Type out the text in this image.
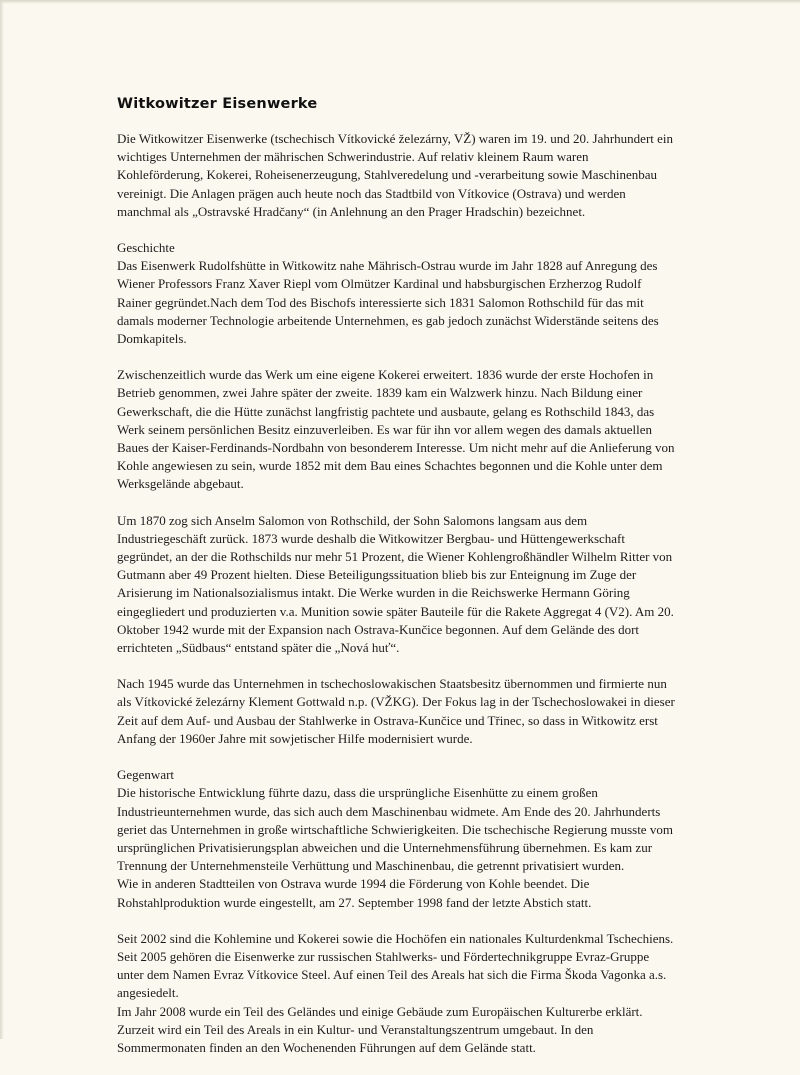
Witkowitzer Eisenwerke
Die Witkowitzer Eisenwerke (tschechisch Vítkovické železárny, VŽ) waren im 19. und 20. Jahrhundert ein
wichtiges Unternehmen der mährischen Schwerindustrie. Auf relativ kleinem Raum waren
Kohleförderung, Kokerei, Roheisenerzeugung, Stahlveredelung und -verarbeitung sowie Maschinenbau
vereinigt. Die Anlagen prägen auch heute noch das Stadtbild von Vítkovice (Ostrava) und werden
manchmal als „Ostravské Hradčany“ (in Anlehnung an den Prager Hradschin) bezeichnet.
Geschichte
Das Eisenwerk Rudolfshütte in Witkowitz nahe Mährisch-Ostrau wurde im Jahr 1828 auf Anregung des
Wiener Professors Franz Xaver Riepl vom Olmützer Kardinal und habsburgischen Erzherzog Rudolf
Rainer gegründet.Nach dem Tod des Bischofs interessierte sich 1831 Salomon Rothschild für das mit
damals moderner Technologie arbeitende Unternehmen, es gab jedoch zunächst Widerstände seitens des
Domkapitels.
Zwischenzeitlich wurde das Werk um eine eigene Kokerei erweitert. 1836 wurde der erste Hochofen in
Betrieb genommen, zwei Jahre später der zweite. 1839 kam ein Walzwerk hinzu. Nach Bildung einer
Gewerkschaft, die die Hütte zunächst langfristig pachtete und ausbaute, gelang es Rothschild 1843, das
Werk seinem persönlichen Besitz einzuverleiben. Es war für ihn vor allem wegen des damals aktuellen
Baues der Kaiser-Ferdinands-Nordbahn von besonderem Interesse. Um nicht mehr auf die Anlieferung von
Kohle angewiesen zu sein, wurde 1852 mit dem Bau eines Schachtes begonnen und die Kohle unter dem
Werksgelände abgebaut.
Um 1870 zog sich Anselm Salomon von Rothschild, der Sohn Salomons langsam aus dem
Industriegeschäft zurück. 1873 wurde deshalb die Witkowitzer Bergbau- und Hüttengewerkschaft
gegründet, an der die Rothschilds nur mehr 51 Prozent, die Wiener Kohlengroßhändler Wilhelm Ritter von
Gutmann aber 49 Prozent hielten. Diese Beteiligungssituation blieb bis zur Enteignung im Zuge der
Arisierung im Nationalsozialismus intakt. Die Werke wurden in die Reichswerke Hermann Göring
eingegliedert und produzierten v.a. Munition sowie später Bauteile für die Rakete Aggregat 4 (V2). Am 20.
Oktober 1942 wurde mit der Expansion nach Ostrava-Kunčice begonnen. Auf dem Gelände des dort
errichteten „Südbaus“ entstand später die „Nová huť“.
Nach 1945 wurde das Unternehmen in tschechoslowakischen Staatsbesitz übernommen und firmierte nun
als Vítkovické železárny Klement Gottwald n.p. (VŽKG). Der Fokus lag in der Tschechoslowakei in dieser
Zeit auf dem Auf- und Ausbau der Stahlwerke in Ostrava-Kunčice und Třinec, so dass in Witkowitz erst
Anfang der 1960er Jahre mit sowjetischer Hilfe modernisiert wurde.
Gegenwart
Die historische Entwicklung führte dazu, dass die ursprüngliche Eisenhütte zu einem großen
Industrieunternehmen wurde, das sich auch dem Maschinenbau widmete. Am Ende des 20. Jahrhunderts
geriet das Unternehmen in große wirtschaftliche Schwierigkeiten. Die tschechische Regierung musste vom
ursprünglichen Privatisierungsplan abweichen und die Unternehmensführung übernehmen. Es kam zur
Trennung der Unternehmensteile Verhüttung und Maschinenbau, die getrennt privatisiert wurden.
Wie in anderen Stadtteilen von Ostrava wurde 1994 die Förderung von Kohle beendet. Die
Rohstahlproduktion wurde eingestellt, am 27. September 1998 fand der letzte Abstich statt.
Seit 2002 sind die Kohlemine und Kokerei sowie die Hochöfen ein nationales Kulturdenkmal Tschechiens.
Seit 2005 gehören die Eisenwerke zur russischen Stahlwerks- und Fördertechnikgruppe Evraz-Gruppe
unter dem Namen Evraz Vítkovice Steel. Auf einen Teil des Areals hat sich die Firma Škoda Vagonka a.s.
angesiedelt.
Im Jahr 2008 wurde ein Teil des Geländes und einige Gebäude zum Europäischen Kulturerbe erklärt.
Zurzeit wird ein Teil des Areals in ein Kultur- und Veranstaltungszentrum umgebaut. In den
Sommermonaten finden an den Wochenenden Führungen auf dem Gelände statt.
